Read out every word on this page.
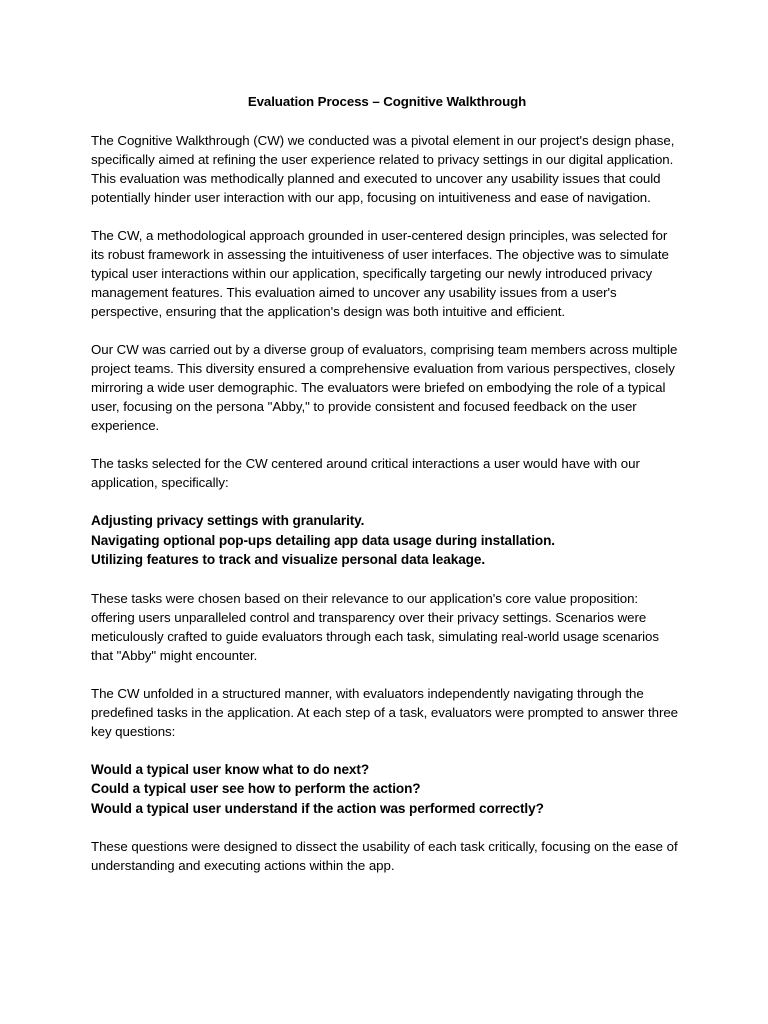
Evaluation Process – Cognitive Walkthrough

The Cognitive Walkthrough (CW) we conducted was a pivotal element in our project's design phase, specifically aimed at refining the user experience related to privacy settings in our digital application. This evaluation was methodically planned and executed to uncover any usability issues that could potentially hinder user interaction with our app, focusing on intuitiveness and ease of navigation.

The CW, a methodological approach grounded in user-centered design principles, was selected for its robust framework in assessing the intuitiveness of user interfaces. The objective was to simulate typical user interactions within our application, specifically targeting our newly introduced privacy management features. This evaluation aimed to uncover any usability issues from a user's perspective, ensuring that the application's design was both intuitive and efficient.

Our CW was carried out by a diverse group of evaluators, comprising team members across multiple project teams. This diversity ensured a comprehensive evaluation from various perspectives, closely mirroring a wide user demographic. The evaluators were briefed on embodying the role of a typical user, focusing on the persona "Abby," to provide consistent and focused feedback on the user experience.

The tasks selected for the CW centered around critical interactions a user would have with our application, specifically:

Adjusting privacy settings with granularity.
Navigating optional pop-ups detailing app data usage during installation.
Utilizing features to track and visualize personal data leakage.

These tasks were chosen based on their relevance to our application's core value proposition: offering users unparalleled control and transparency over their privacy settings. Scenarios were meticulously crafted to guide evaluators through each task, simulating real-world usage scenarios that "Abby" might encounter.

The CW unfolded in a structured manner, with evaluators independently navigating through the predefined tasks in the application. At each step of a task, evaluators were prompted to answer three key questions:

Would a typical user know what to do next?
Could a typical user see how to perform the action?
Would a typical user understand if the action was performed correctly?

These questions were designed to dissect the usability of each task critically, focusing on the ease of understanding and executing actions within the app.
